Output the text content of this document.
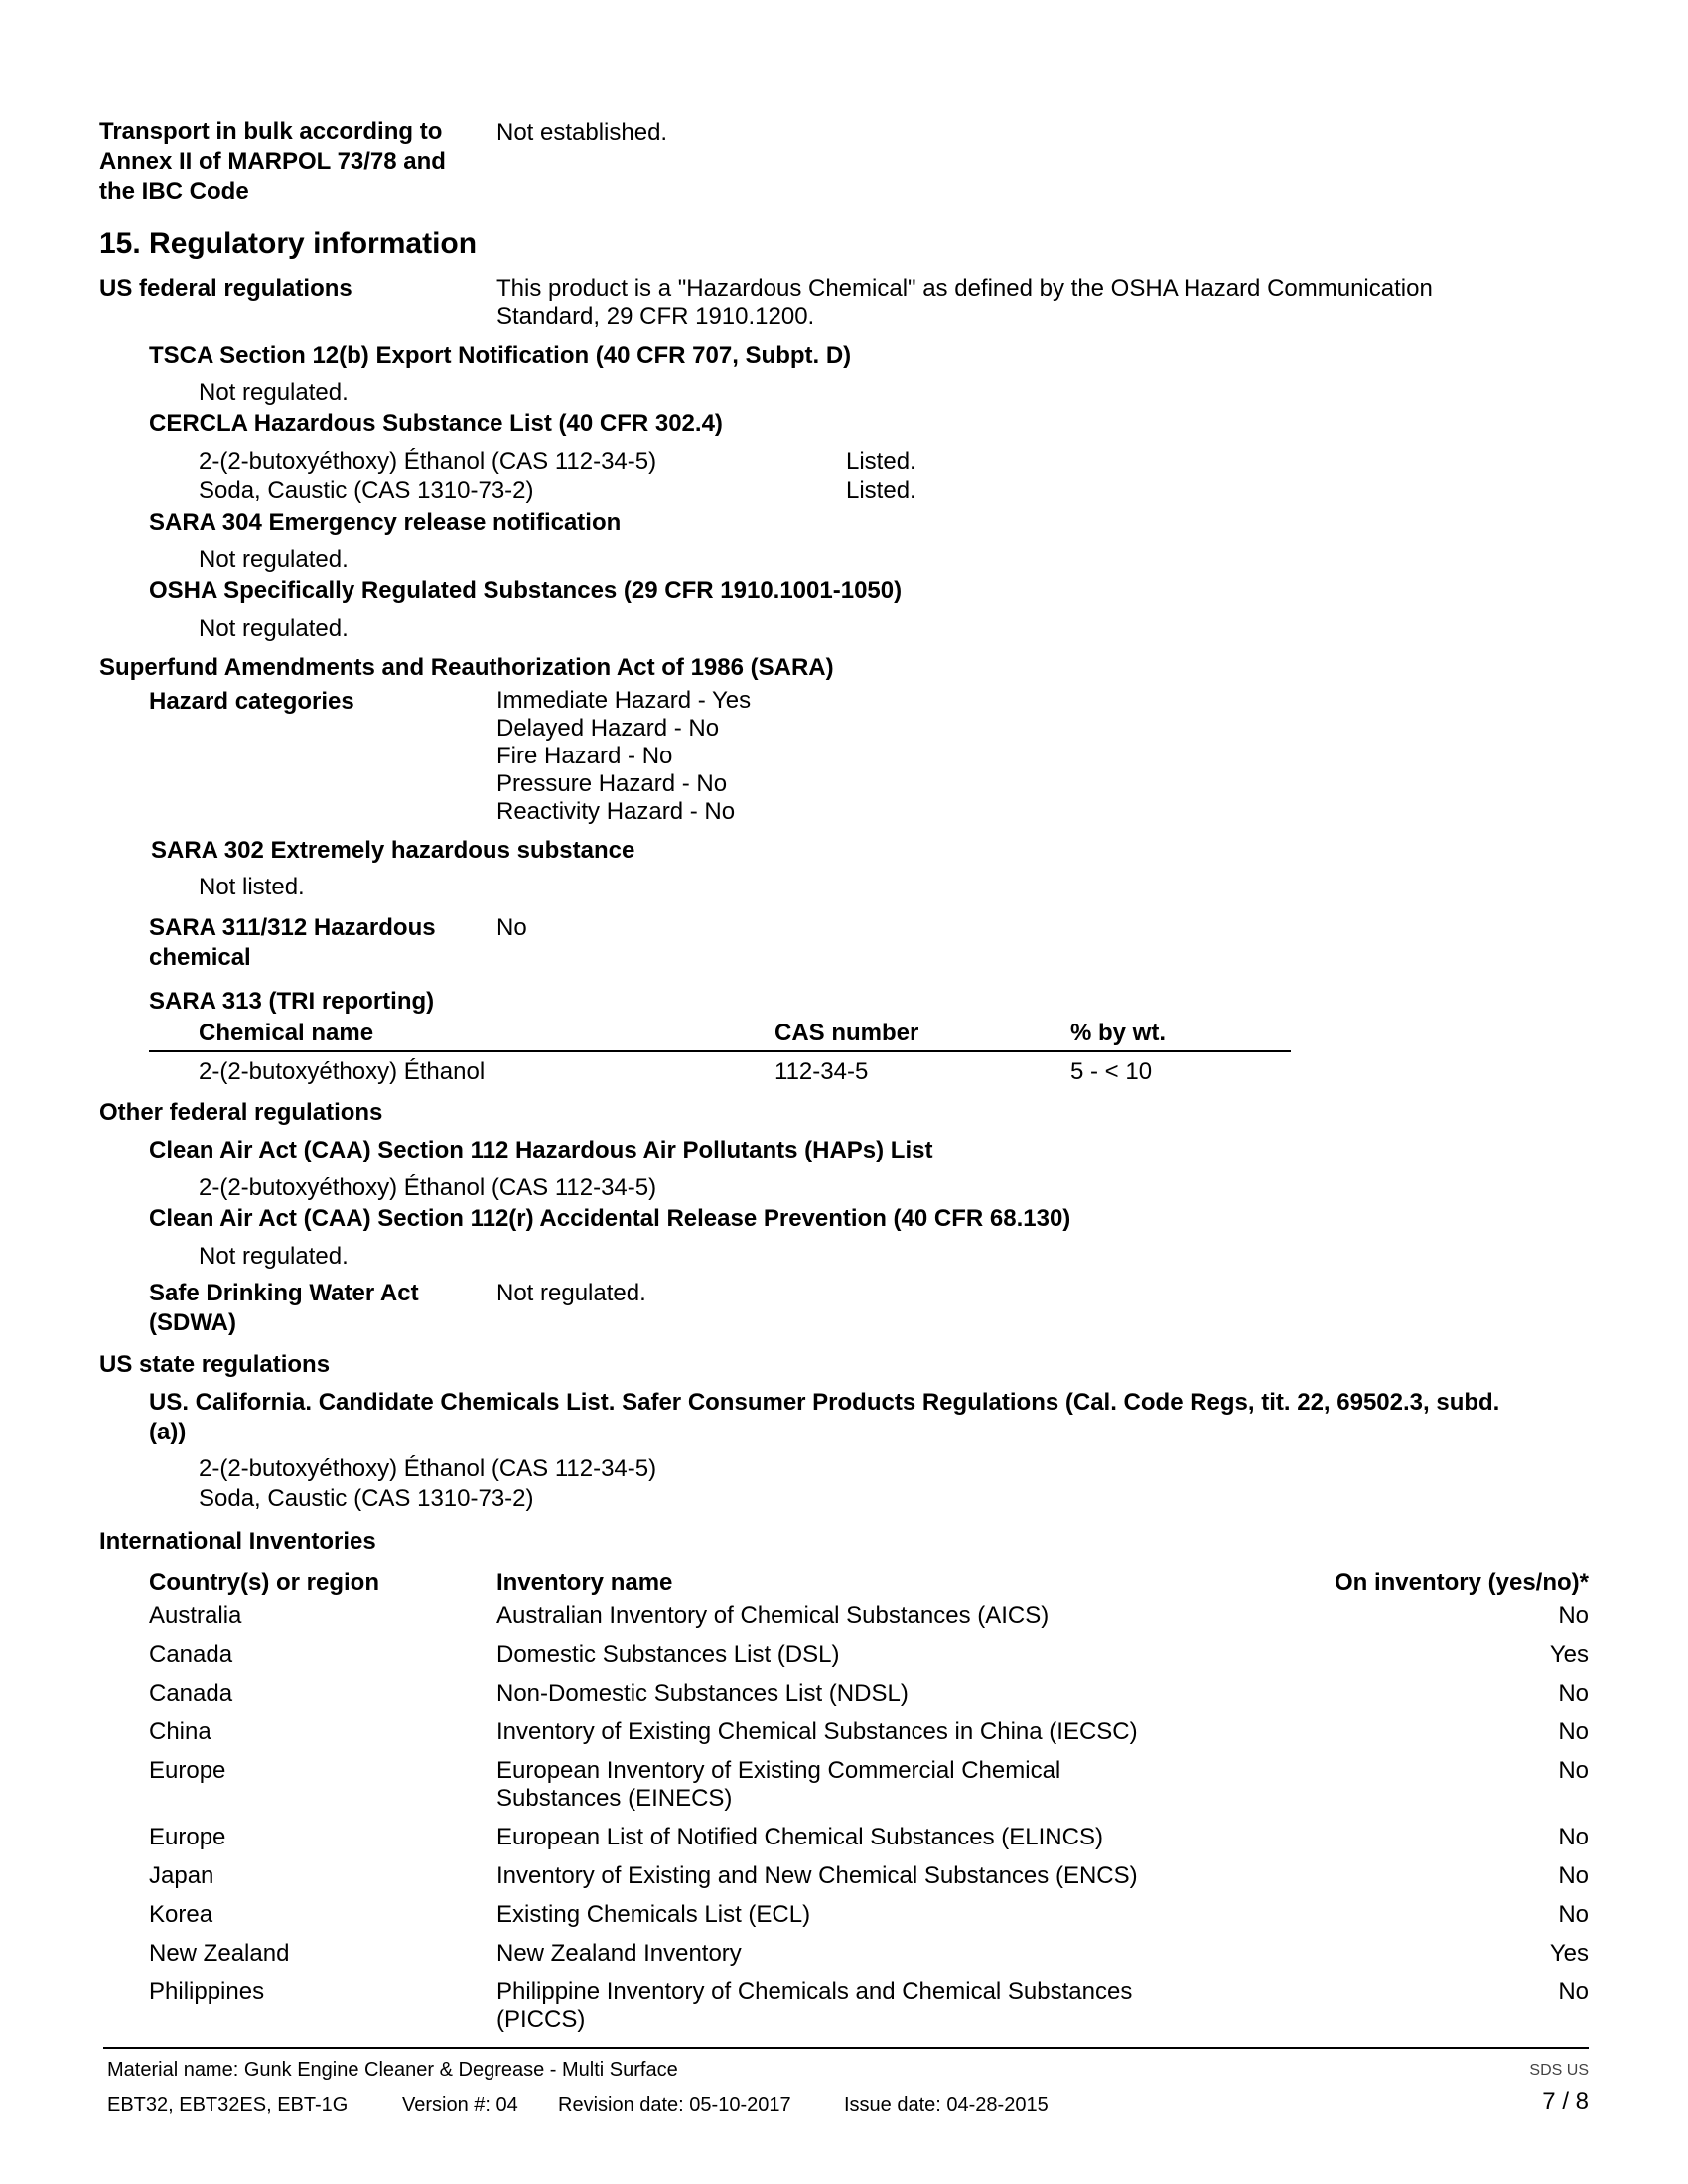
Transport in bulk according to
Annex II of MARPOL 73/78 and
the IBC Code
Not established.
15. Regulatory information
US federal regulations	This product is a "Hazardous Chemical" as defined by the OSHA Hazard Communication
Standard, 29 CFR 1910.1200.
TSCA Section 12(b) Export Notification (40 CFR 707, Subpt. D)
Not regulated.
CERCLA Hazardous Substance List (40 CFR 302.4)
2-(2-butoxyéthoxy) Éthanol (CAS 112-34-5)	Listed.
Soda, Caustic (CAS 1310-73-2)	Listed.
SARA 304 Emergency release notification
Not regulated.
OSHA Specifically Regulated Substances (29 CFR 1910.1001-1050)
Not regulated.
Superfund Amendments and Reauthorization Act of 1986 (SARA)
Hazard categories	Immediate Hazard - Yes
Delayed Hazard - No
Fire Hazard - No
Pressure Hazard - No
Reactivity Hazard - No
SARA 302 Extremely hazardous substance
Not listed.
SARA 311/312 Hazardous
chemical
No
SARA 313 (TRI reporting)
Chemical name	CAS number	% by wt.
2-(2-butoxyéthoxy) Éthanol	112-34-5	5 - < 10
Other federal regulations
Clean Air Act (CAA) Section 112 Hazardous Air Pollutants (HAPs) List
2-(2-butoxyéthoxy) Éthanol (CAS 112-34-5)
Clean Air Act (CAA) Section 112(r) Accidental Release Prevention (40 CFR 68.130)
Not regulated.
Safe Drinking Water Act
(SDWA)
Not regulated.
US state regulations
US. California. Candidate Chemicals List. Safer Consumer Products Regulations (Cal. Code Regs, tit. 22, 69502.3, subd.
(a))
2-(2-butoxyéthoxy) Éthanol (CAS 112-34-5)
Soda, Caustic (CAS 1310-73-2)
International Inventories
Country(s) or region	Inventory name	On inventory (yes/no)*
Australia	Australian Inventory of Chemical Substances (AICS)	No
Canada	Domestic Substances List (DSL)	Yes
Canada	Non-Domestic Substances List (NDSL)	No
China	Inventory of Existing Chemical Substances in China (IECSC)	No
Europe	European Inventory of Existing Commercial Chemical
Substances (EINECS)
No
Europe	European List of Notified Chemical Substances (ELINCS)	No
Japan	Inventory of Existing and New Chemical Substances (ENCS)	No
Korea	Existing Chemicals List (ECL)	No
New Zealand	New Zealand Inventory	Yes
Philippines	Philippine Inventory of Chemicals and Chemical Substances
(PICCS)
No
Material name: Gunk Engine Cleaner & Degrease - Multi Surface	SDS US
EBT32, EBT32ES, EBT-1G	Version #: 04 Revision date: 05-10-2017	Issue date: 04-28-2015	7 / 8
